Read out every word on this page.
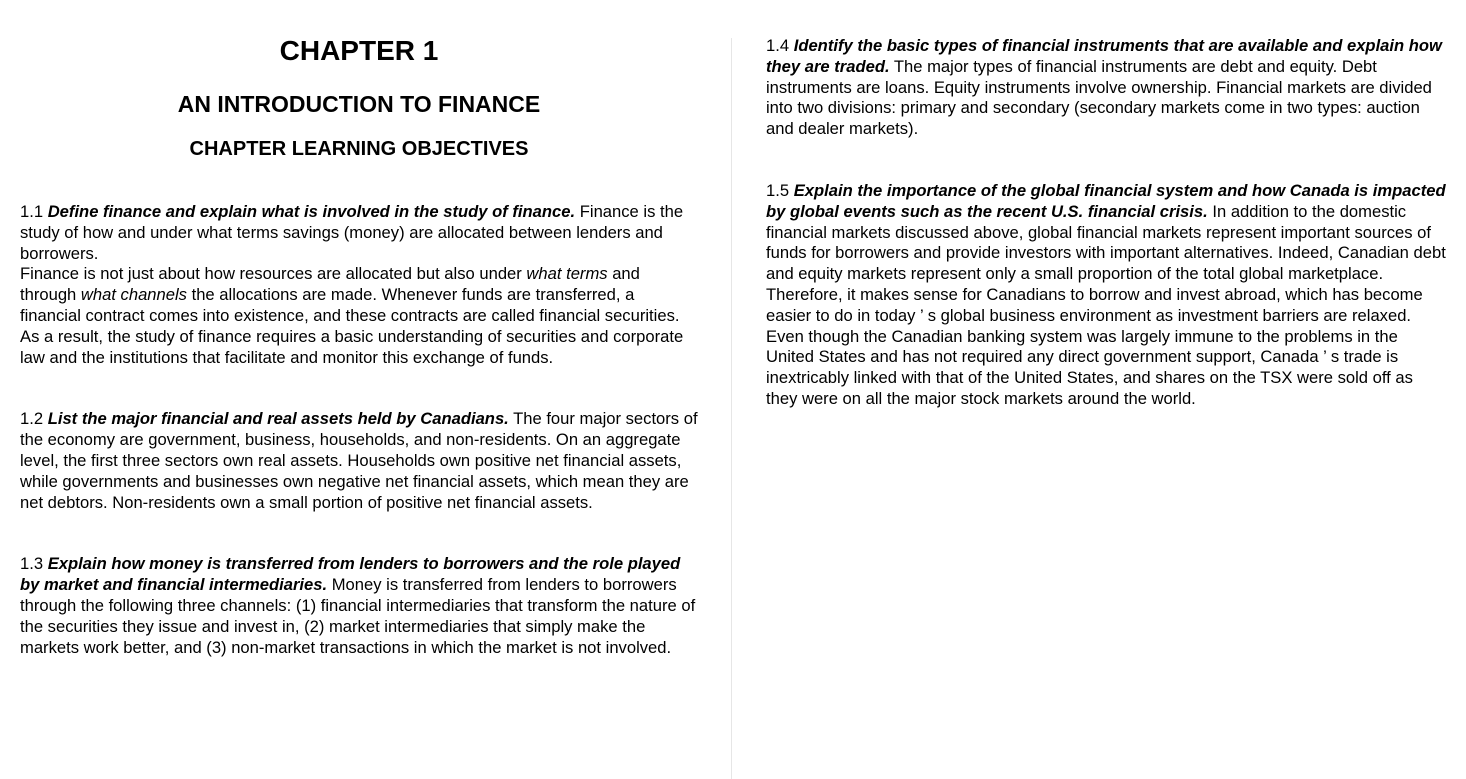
CHAPTER 1
AN INTRODUCTION TO FINANCE
CHAPTER LEARNING OBJECTIVES

1.1 Define finance and explain what is involved in the study of finance. Finance is the study of how and under what terms savings (money) are allocated between lenders and borrowers.

Finance is not just about how resources are allocated but also under what terms and through what channels the allocations are made. Whenever funds are transferred, a financial contract comes into existence, and these contracts are called financial securities. As a result, the study of finance requires a basic understanding of securities and corporate law and the institutions that facilitate and monitor this exchange of funds.

1.2 List the major financial and real assets held by Canadians. The four major sectors of the economy are government, business, households, and non-residents. On an aggregate level, the first three sectors own real assets. Households own positive net financial assets, while governments and businesses own negative net financial assets, which mean they are net debtors. Non-residents own a small portion of positive net financial assets.

1.3 Explain how money is transferred from lenders to borrowers and the role played by market and financial intermediaries. Money is transferred from lenders to borrowers through the following three channels: (1) financial intermediaries that transform the nature of the securities they issue and invest in, (2) market intermediaries that simply make the markets work better, and (3) non-market transactions in which the market is not involved.

1.4 Identify the basic types of financial instruments that are available and explain how they are traded. The major types of financial instruments are debt and equity. Debt instruments are loans. Equity instruments involve ownership. Financial markets are divided into two divisions: primary and secondary (secondary markets come in two types: auction and dealer markets).

1.5 Explain the importance of the global financial system and how Canada is impacted by global events such as the recent U.S. financial crisis. In addition to the domestic financial markets discussed above, global financial markets represent important sources of funds for borrowers and provide investors with important alternatives. Indeed, Canadian debt and equity markets represent only a small proportion of the total global marketplace. Therefore, it makes sense for Canadians to borrow and invest abroad, which has become easier to do in today ’ s global business environment as investment barriers are relaxed.

Even though the Canadian banking system was largely immune to the problems in the United States and has not required any direct government support, Canada ’ s trade is inextricably linked with that of the United States, and shares on the TSX were sold off as they were on all the major stock markets around the world.
